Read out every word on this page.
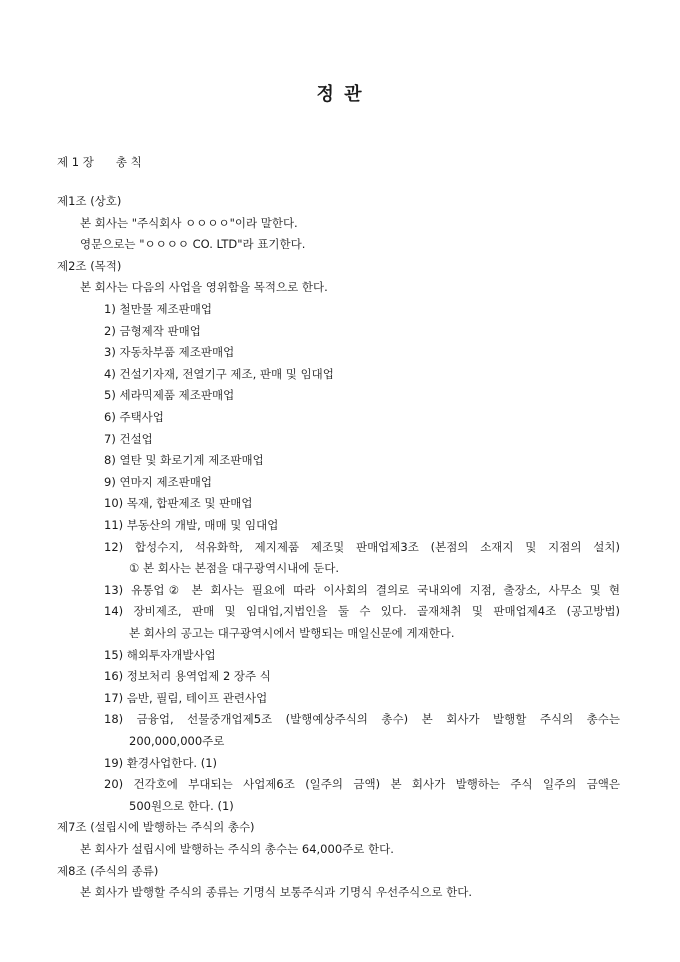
정 관
제 1 장 총 칙
제1조 (상호)
본 회사는 "주식회사 ㅇㅇㅇㅇ"이라 말한다.
영문으로는 "ㅇㅇㅇㅇ CO. LTD"라 표기한다.
제2조 (목적)
본 회사는 다음의 사업을 영위함을 목적으로 한다.
1) 철만물 제조판매업
2) 금형제작 판매업
3) 자동차부품 제조판매업
4) 건설기자재, 전열기구 제조, 판매 및 임대업
5) 세라믹제품 제조판매업
6) 주택사업
7) 건설업
8) 열탄 및 화로기계 제조판매업
9) 연마지 제조판매업
10) 목재, 합판제조 및 판매업
11) 부동산의 개발, 매매 및 임대업
12) 합성수지, 석유화학, 제지제품 제조및 판매업제3조 (본점의 소재지 및 지점의 설치)
① 본 회사는 본점을 대구광역시내에 둔다.
13) 유통업② 본 회사는 필요에 따라 이사회의 결의로 국내외에 지점, 출장소, 사무소 및 현
14) 장비제조, 판매 및 임대업,지법인을 둘 수 있다. 골재채취 및 판매업제4조 (공고방법)
본 회사의 공고는 대구광역시에서 발행되는 매일신문에 게재한다.
15) 해외투자개발사업
16) 정보처리 용역업제 2 장주 식
17) 음반, 필림, 테이프 관련사업
18) 금융업, 선물중개업제5조 (발행예상주식의 총수) 본 회사가 발행할 주식의 총수는
200,000,000주로
19) 환경사업한다. (1)
20) 건각호에 부대되는 사업제6조 (일주의 금액) 본 회사가 발행하는 주식 일주의 금액은
500원으로 한다. (1)
제7조 (설립시에 발행하는 주식의 총수)
본 회사가 설립시에 발행하는 주식의 총수는 64,000주로 한다.
제8조 (주식의 종류)
본 회사가 발행할 주식의 종류는 기명식 보통주식과 기명식 우선주식으로 한다.
